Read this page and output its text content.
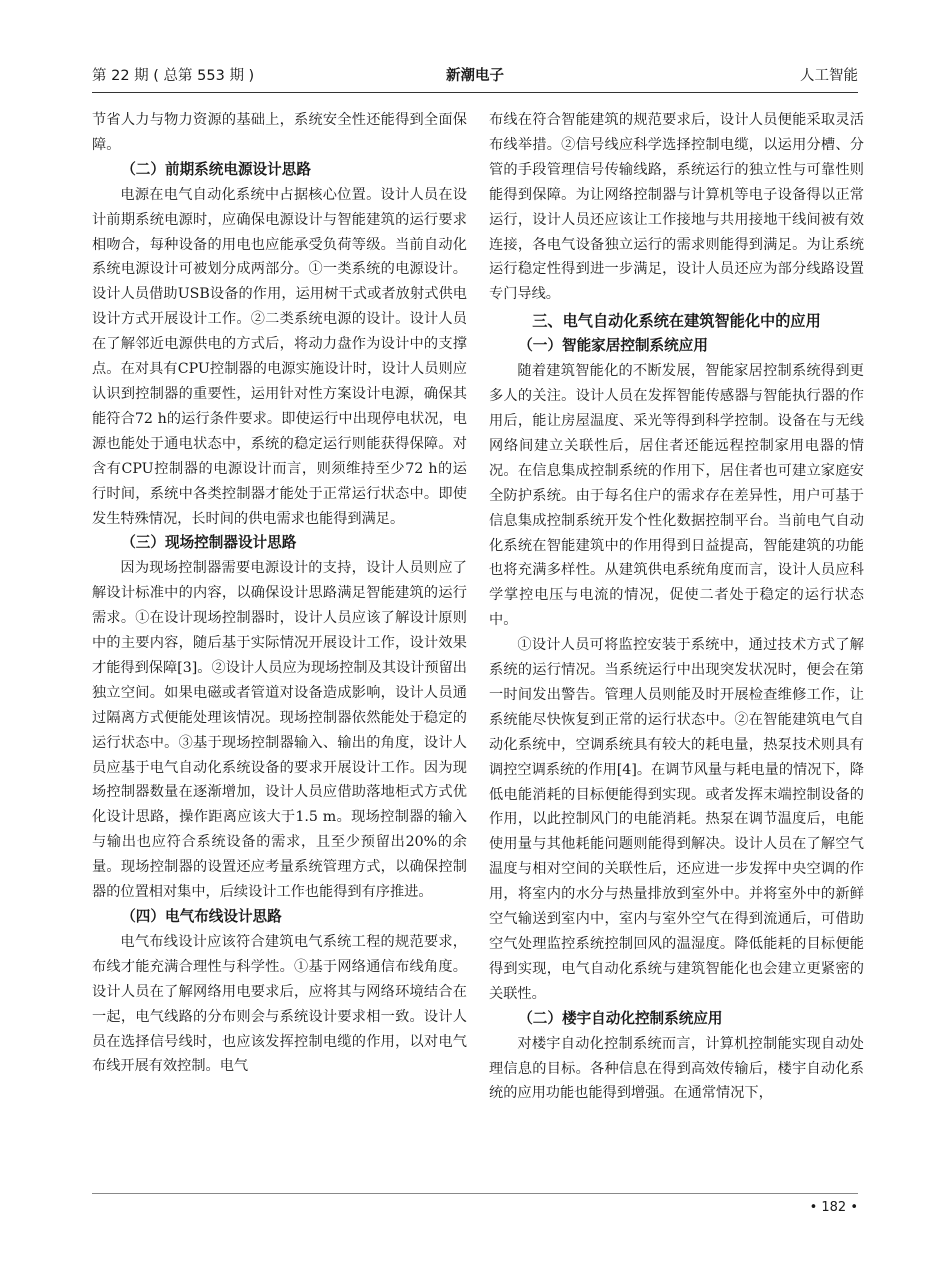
第 22 期 ( 总第 553 期 )	新潮电子	人工智能

节省人力与物力资源的基础上，系统安全性还能得到全面保障。

（二）前期系统电源设计思路

电源在电气自动化系统中占据核心位置。设计人员在设计前期系统电源时，应确保电源设计与智能建筑的运行要求相吻合，每种设备的用电也应能承受负荷等级。当前自动化系统电源设计可被划分成两部分。①一类系统的电源设计。设计人员借助USB设备的作用，运用树干式或者放射式供电设计方式开展设计工作。②二类系统电源的设计。设计人员在了解邻近电源供电的方式后，将动力盘作为设计中的支撑点。在对具有CPU控制器的电源实施设计时，设计人员则应认识到控制器的重要性，运用针对性方案设计电源，确保其能符合72 h的运行条件要求。即使运行中出现停电状况，电源也能处于通电状态中，系统的稳定运行则能获得保障。对含有CPU控制器的电源设计而言，则须维持至少72 h的运行时间，系统中各类控制器才能处于正常运行状态中。即使发生特殊情况，长时间的供电需求也能得到满足。

（三）现场控制器设计思路

因为现场控制器需要电源设计的支持，设计人员则应了解设计标准中的内容，以确保设计思路满足智能建筑的运行需求。①在设计现场控制器时，设计人员应该了解设计原则中的主要内容，随后基于实际情况开展设计工作，设计效果才能得到保障[3]。②设计人员应为现场控制及其设计预留出独立空间。如果电磁或者管道对设备造成影响，设计人员通过隔离方式便能处理该情况。现场控制器依然能处于稳定的运行状态中。③基于现场控制器输入、输出的角度，设计人员应基于电气自动化系统设备的要求开展设计工作。因为现场控制器数量在逐渐增加，设计人员应借助落地柜式方式优化设计思路，操作距离应该大于1.5 m。现场控制器的输入与输出也应符合系统设备的需求，且至少预留出20%的余量。现场控制器的设置还应考量系统管理方式，以确保控制器的位置相对集中，后续设计工作也能得到有序推进。

（四）电气布线设计思路

电气布线设计应该符合建筑电气系统工程的规范要求，布线才能充满合理性与科学性。①基于网络通信布线角度。设计人员在了解网络用电要求后，应将其与网络环境结合在一起，电气线路的分布则会与系统设计要求相一致。设计人员在选择信号线时，也应该发挥控制电缆的作用，以对电气布线开展有效控制。电气

布线在符合智能建筑的规范要求后，设计人员便能采取灵活布线举措。②信号线应科学选择控制电缆，以运用分槽、分管的手段管理信号传输线路，系统运行的独立性与可靠性则能得到保障。为让网络控制器与计算机等电子设备得以正常运行，设计人员还应该让工作接地与共用接地干线间被有效连接，各电气设备独立运行的需求则能得到满足。为让系统运行稳定性得到进一步满足，设计人员还应为部分线路设置专门导线。

三、电气自动化系统在建筑智能化中的应用
（一）智能家居控制系统应用

随着建筑智能化的不断发展，智能家居控制系统得到更多人的关注。设计人员在发挥智能传感器与智能执行器的作用后，能让房屋温度、采光等得到科学控制。设备在与无线网络间建立关联性后，居住者还能远程控制家用电器的情况。在信息集成控制系统的作用下，居住者也可建立家庭安全防护系统。由于每名住户的需求存在差异性，用户可基于信息集成控制系统开发个性化数据控制平台。当前电气自动化系统在智能建筑中的作用得到日益提高，智能建筑的功能也将充满多样性。从建筑供电系统角度而言，设计人员应科学掌控电压与电流的情况，促使二者处于稳定的运行状态中。

①设计人员可将监控安装于系统中，通过技术方式了解系统的运行情况。当系统运行中出现突发状况时，便会在第一时间发出警告。管理人员则能及时开展检查维修工作，让系统能尽快恢复到正常的运行状态中。②在智能建筑电气自动化系统中，空调系统具有较大的耗电量，热泵技术则具有调控空调系统的作用[4]。在调节风量与耗电量的情况下，降低电能消耗的目标便能得到实现。或者发挥末端控制设备的作用，以此控制风门的电能消耗。热泵在调节温度后，电能使用量与其他耗能问题则能得到解决。设计人员在了解空气温度与相对空间的关联性后，还应进一步发挥中央空调的作用，将室内的水分与热量排放到室外中。并将室外中的新鲜空气输送到室内中，室内与室外空气在得到流通后，可借助空气处理监控系统控制回风的温湿度。降低能耗的目标便能得到实现，电气自动化系统与建筑智能化也会建立更紧密的关联性。

（二）楼宇自动化控制系统应用

对楼宇自动化控制系统而言，计算机控制能实现自动处理信息的目标。各种信息在得到高效传输后，楼宇自动化系统的应用功能也能得到增强。在通常情况下，

• 182 •
